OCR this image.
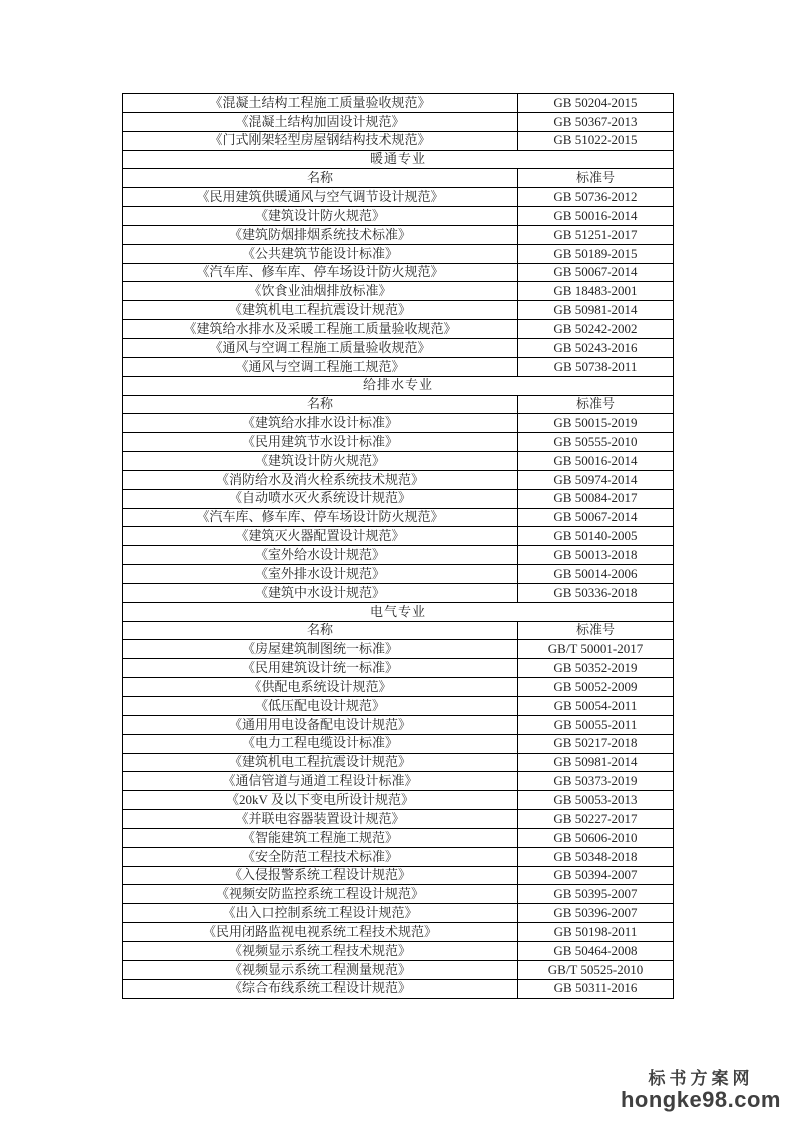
《混凝土结构工程施工质量验收规范》	GB 50204-2015
《混凝土结构加固设计规范》	GB 50367-2013
《门式刚架轻型房屋钢结构技术规范》	GB 51022-2015
暖通专业	
名称	标准号
《民用建筑供暖通风与空气调节设计规范》	GB 50736-2012
《建筑设计防火规范》	GB 50016-2014
《建筑防烟排烟系统技术标准》	GB 51251-2017
《公共建筑节能设计标准》	GB 50189-2015
《汽车库、修车库、停车场设计防火规范》	GB 50067-2014
《饮食业油烟排放标准》	GB 18483-2001
《建筑机电工程抗震设计规范》	GB 50981-2014
《建筑给水排水及采暖工程施工质量验收规范》	GB 50242-2002
《通风与空调工程施工质量验收规范》	GB 50243-2016
《通风与空调工程施工规范》	GB 50738-2011
给排水专业	
名称	标准号
《建筑给水排水设计标准》	GB 50015-2019
《民用建筑节水设计标准》	GB 50555-2010
《建筑设计防火规范》	GB 50016-2014
《消防给水及消火栓系统技术规范》	GB 50974-2014
《自动喷水灭火系统设计规范》	GB 50084-2017
《汽车库、修车库、停车场设计防火规范》	GB 50067-2014
《建筑灭火器配置设计规范》	GB 50140-2005
《室外给水设计规范》	GB 50013-2018
《室外排水设计规范》	GB 50014-2006
《建筑中水设计规范》	GB 50336-2018
电气专业	
名称	标准号
《房屋建筑制图统一标准》	GB/T 50001-2017
《民用建筑设计统一标准》	GB 50352-2019
《供配电系统设计规范》	GB 50052-2009
《低压配电设计规范》	GB 50054-2011
《通用用电设备配电设计规范》	GB 50055-2011
《电力工程电缆设计标准》	GB 50217-2018
《建筑机电工程抗震设计规范》	GB 50981-2014
《通信管道与通道工程设计标准》	GB 50373-2019
《20kV 及以下变电所设计规范》	GB 50053-2013
《并联电容器装置设计规范》	GB 50227-2017
《智能建筑工程施工规范》	GB 50606-2010
《安全防范工程技术标准》	GB 50348-2018
《入侵报警系统工程设计规范》	GB 50394-2007
《视频安防监控系统工程设计规范》	GB 50395-2007
《出入口控制系统工程设计规范》	GB 50396-2007
《民用闭路监视电视系统工程技术规范》	GB 50198-2011
《视频显示系统工程技术规范》	GB 50464-2008
《视频显示系统工程测量规范》	GB/T 50525-2010
《综合布线系统工程设计规范》	GB 50311-2016
标书方案网
hongke98.com
